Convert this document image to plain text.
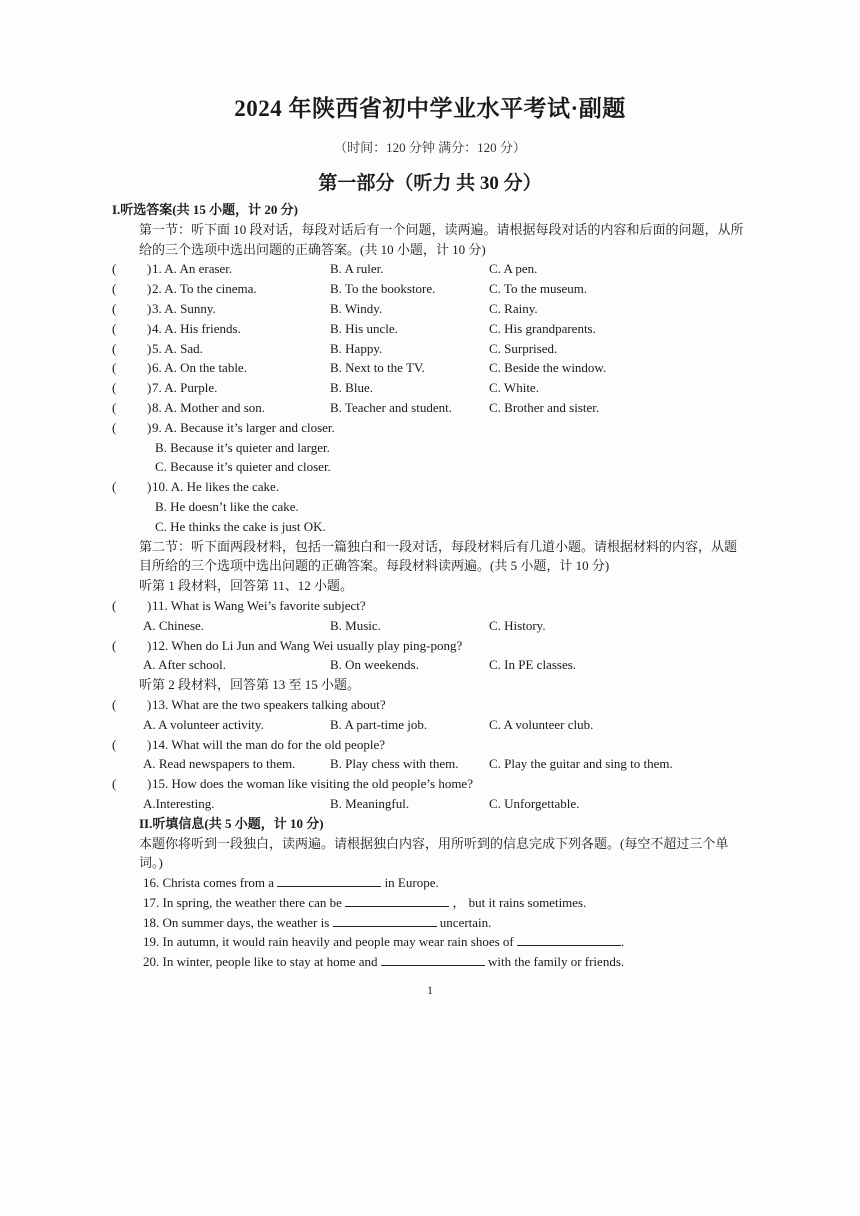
2024 年陕西省初中学业水平考试·副题
（时间：120 分钟 满分：120 分）
第一部分（听力 共 30 分）
I.听选答案(共 15 小题，计 20 分)
第一节：听下面 10 段对话，每段对话后有一个问题，读两遍。请根据每段对话的内容和后面的问题，从所给的三个选项中选出问题的正确答案。(共 10 小题，计 10 分)
( ) 1. A. An eraser.	B. A ruler.	C. A pen.
( ) 2. A. To the cinema.	B. To the bookstore.	C. To the museum.
( ) 3. A. Sunny.	B. Windy.	C. Rainy.
( ) 4. A. His friends.	B. His uncle.	C. His grandparents.
( ) 5. A. Sad.	B. Happy.	C. Surprised.
( ) 6. A. On the table.	B. Next to the TV.	C. Beside the window.
( ) 7. A. Purple.	B. Blue.	C. White.
( ) 8. A. Mother and son.	B. Teacher and student.	C. Brother and sister.
( ) 9. A. Because it’s larger and closer.
B. Because it’s quieter and larger.
C. Because it’s quieter and closer.
( ) 10. A. He likes the cake.
B. He doesn’t like the cake.
C. He thinks the cake is just OK.
第二节：听下面两段材料，包括一篇独白和一段对话，每段材料后有几道小题。请根据材料的内容，从题目所给的三个选项中选出问题的正确答案。每段材料读两遍。(共 5 小题，计 10 分)
听第 1 段材料，回答第 11、12 小题。
( ) 11. What is Wang Wei’s favorite subject?
A. Chinese.	B. Music.	C. History.
( ) 12. When do Li Jun and Wang Wei usually play ping-pong?
A. After school.	B. On weekends.	C. In PE classes.
听第 2 段材料，回答第 13 至 15 小题。
( ) 13. What are the two speakers talking about?
A. A volunteer activity.	B. A part-time job.	C. A volunteer club.
( ) 14. What will the man do for the old people?
A. Read newspapers to them.	B. Play chess with them. C. Play the guitar and sing to them.
( ) 15. How does the woman like visiting the old people’s home?
A.Interesting.	B. Meaningful.	C. Unforgettable.
II.听填信息(共 5 小题，计 10 分)
本题你将听到一段独白，读两遍。请根据独白内容，用所听到的信息完成下列各题。(每空不超过三个单词。)
16. Christa comes from a	in Europe.
17. In spring, the weather there can be	， but it rains sometimes.
18. On summer days, the weather is	uncertain.
19. In autumn, it would rain heavily and people may wear rain shoes of	.
20. In winter, people like to stay at home and	with the family or friends.
1
